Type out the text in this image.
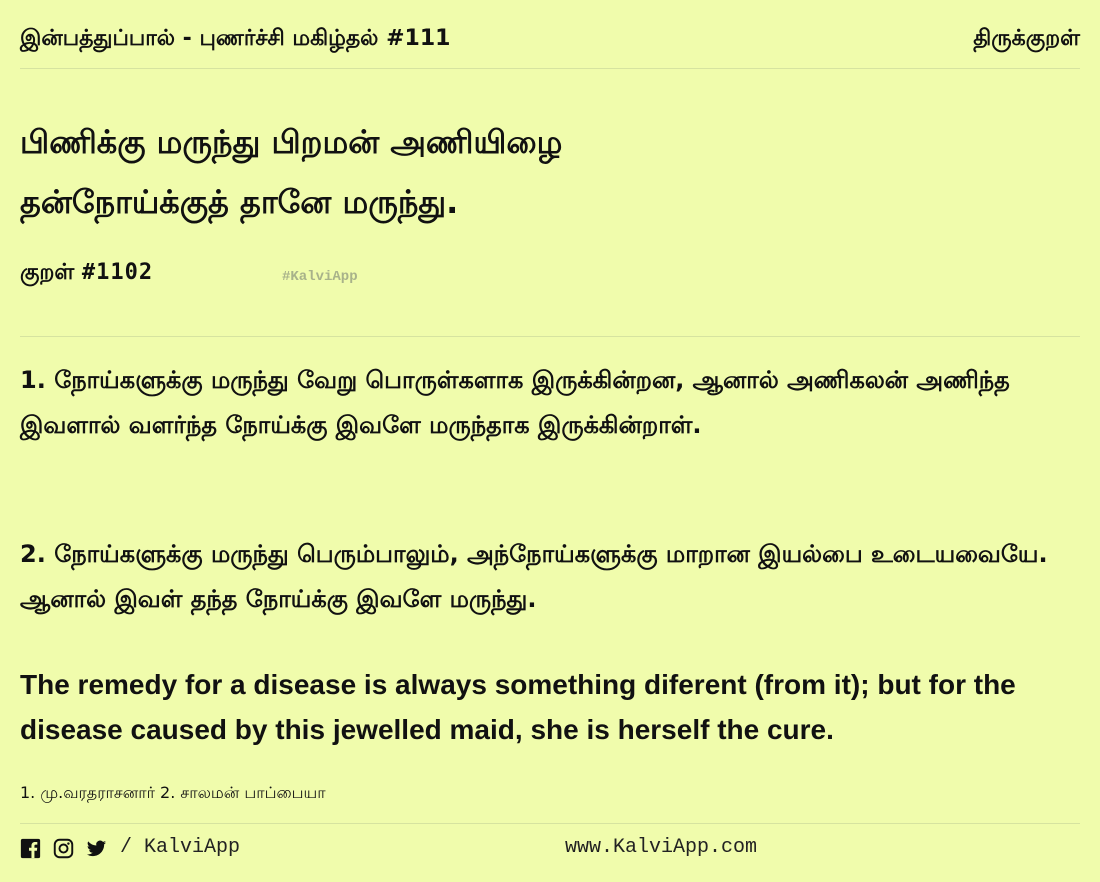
இன்பத்துப்பால் - புணர்ச்சி மகிழ்தல் #111	திருக்குறள்
பிணிக்கு மருந்து பிறமன் அணியிழை
தன்நோய்க்குத் தானே மருந்து.
குறள் #1102	#KalviApp
1. நோய்களுக்கு மருந்து வேறு பொருள்களாக இருக்கின்றன, ஆனால் அணிகலன் அணிந்த இவளால் வளர்ந்த நோய்க்கு இவளே மருந்தாக இருக்கின்றாள்.
2. நோய்களுக்கு மருந்து பெரும்பாலும், அந்நோய்களுக்கு மாறான இயல்பை உடையவையே. ஆனால் இவள் தந்த நோய்க்கு இவளே மருந்து.
The remedy for a disease is always something diferent (from it); but for the disease caused by this jewelled maid, she is herself the cure.
1. மு.வரதராசனார் 2. சாலமன் பாப்பையா
/ KalviApp	www.KalviApp.com
